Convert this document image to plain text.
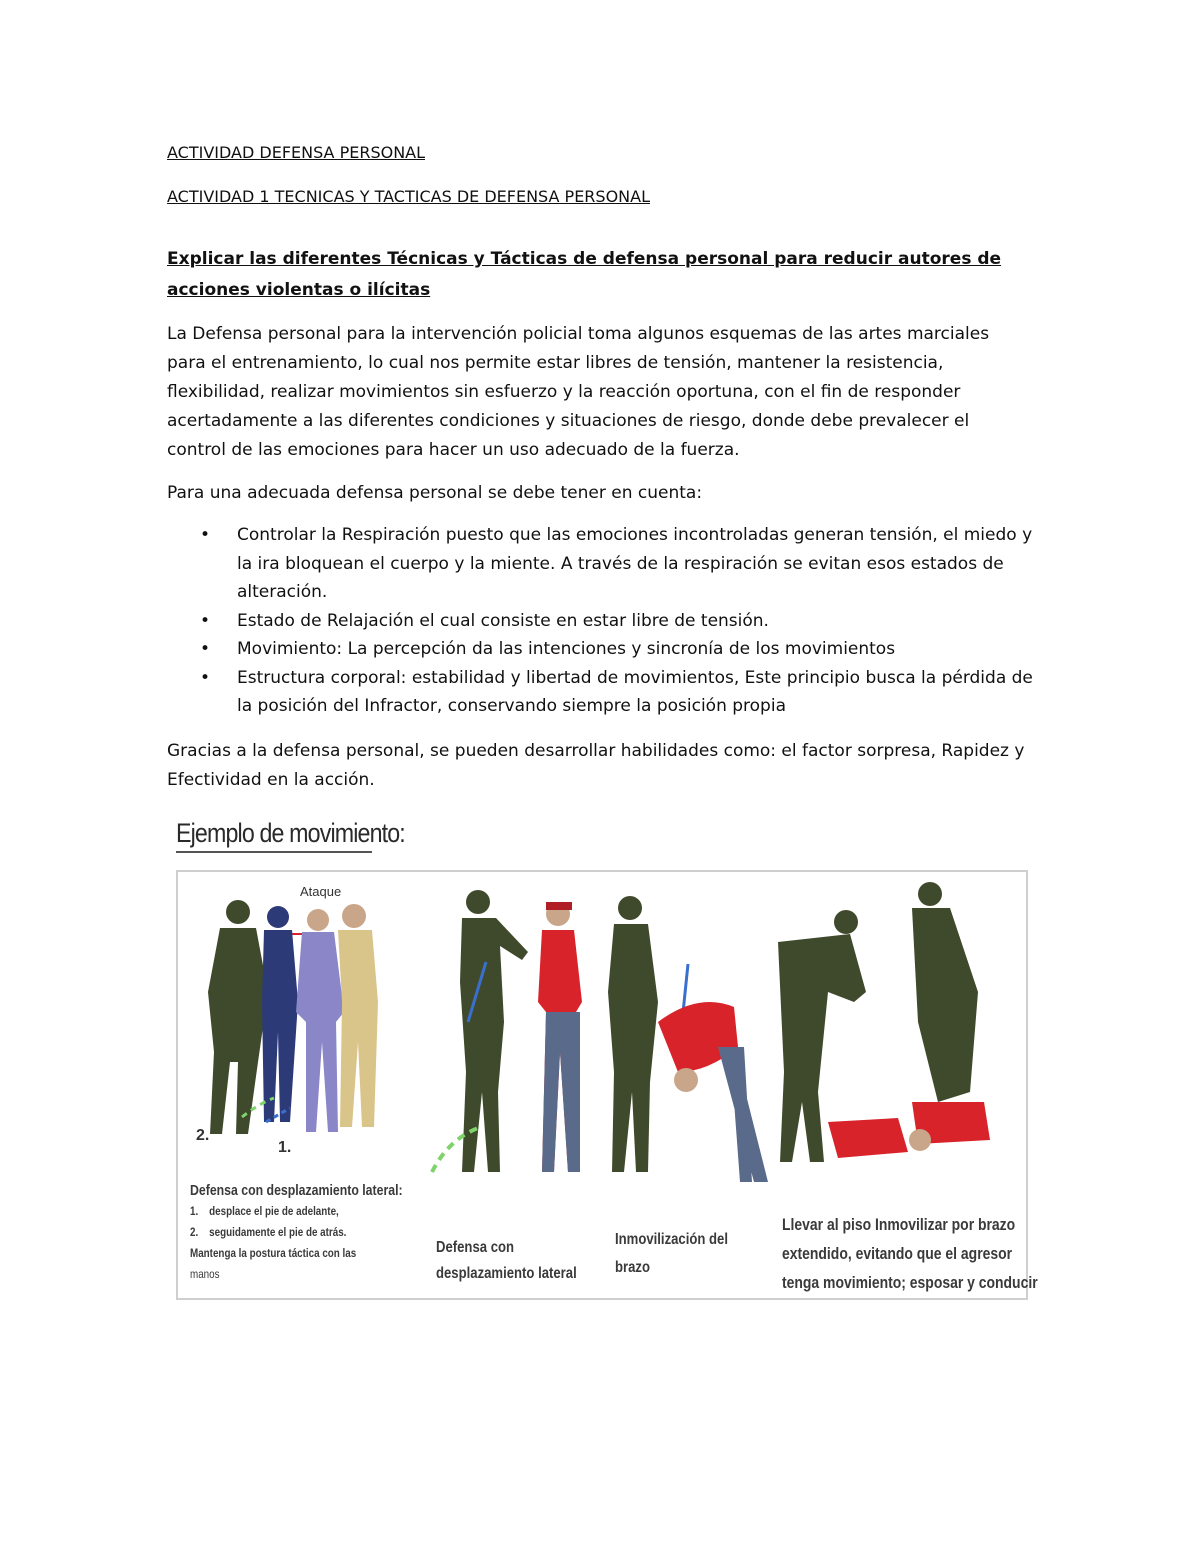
ACTIVIDAD DEFENSA PERSONAL
ACTIVIDAD 1 TECNICAS Y TACTICAS DE DEFENSA PERSONAL
Explicar las diferentes Técnicas y Tácticas de defensa personal para reducir autores de acciones violentas o ilícitas
La Defensa personal para la intervención policial toma algunos esquemas de las artes marciales para el entrenamiento, lo cual nos permite estar libres de tensión, mantener la resistencia, flexibilidad, realizar movimientos sin esfuerzo y la reacción oportuna, con el fin de responder acertadamente a las diferentes condiciones y situaciones de riesgo, donde debe prevalecer el control de las emociones para hacer un uso adecuado de la fuerza.
Para una adecuada defensa personal se debe tener en cuenta:
• Controlar la Respiración puesto que las emociones incontroladas generan tensión, el miedo y la ira bloquean el cuerpo y la miente. A través de la respiración se evitan esos estados de alteración.
• Estado de Relajación el cual consiste en estar libre de tensión.
• Movimiento: La percepción da las intenciones y sincronía de los movimientos
• Estructura corporal: estabilidad y libertad de movimientos, Este principio busca la pérdida de la posición del Infractor, conservando siempre la posición propia
Gracias a la defensa personal, se pueden desarrollar habilidades como: el factor sorpresa, Rapidez y Efectividad en la acción.
Ejemplo de movimiento:
Ataque
2.
1.
Defensa con desplazamiento lateral:
1. desplace el pie de adelante,
2. seguidamente el pie de atrás.
Mantenga la postura táctica con las
manos
Defensa con
desplazamiento lateral
Inmovilización del
brazo
Llevar al piso Inmovilizar por brazo
extendido, evitando que el agresor
tenga movimiento; esposar y conducir
